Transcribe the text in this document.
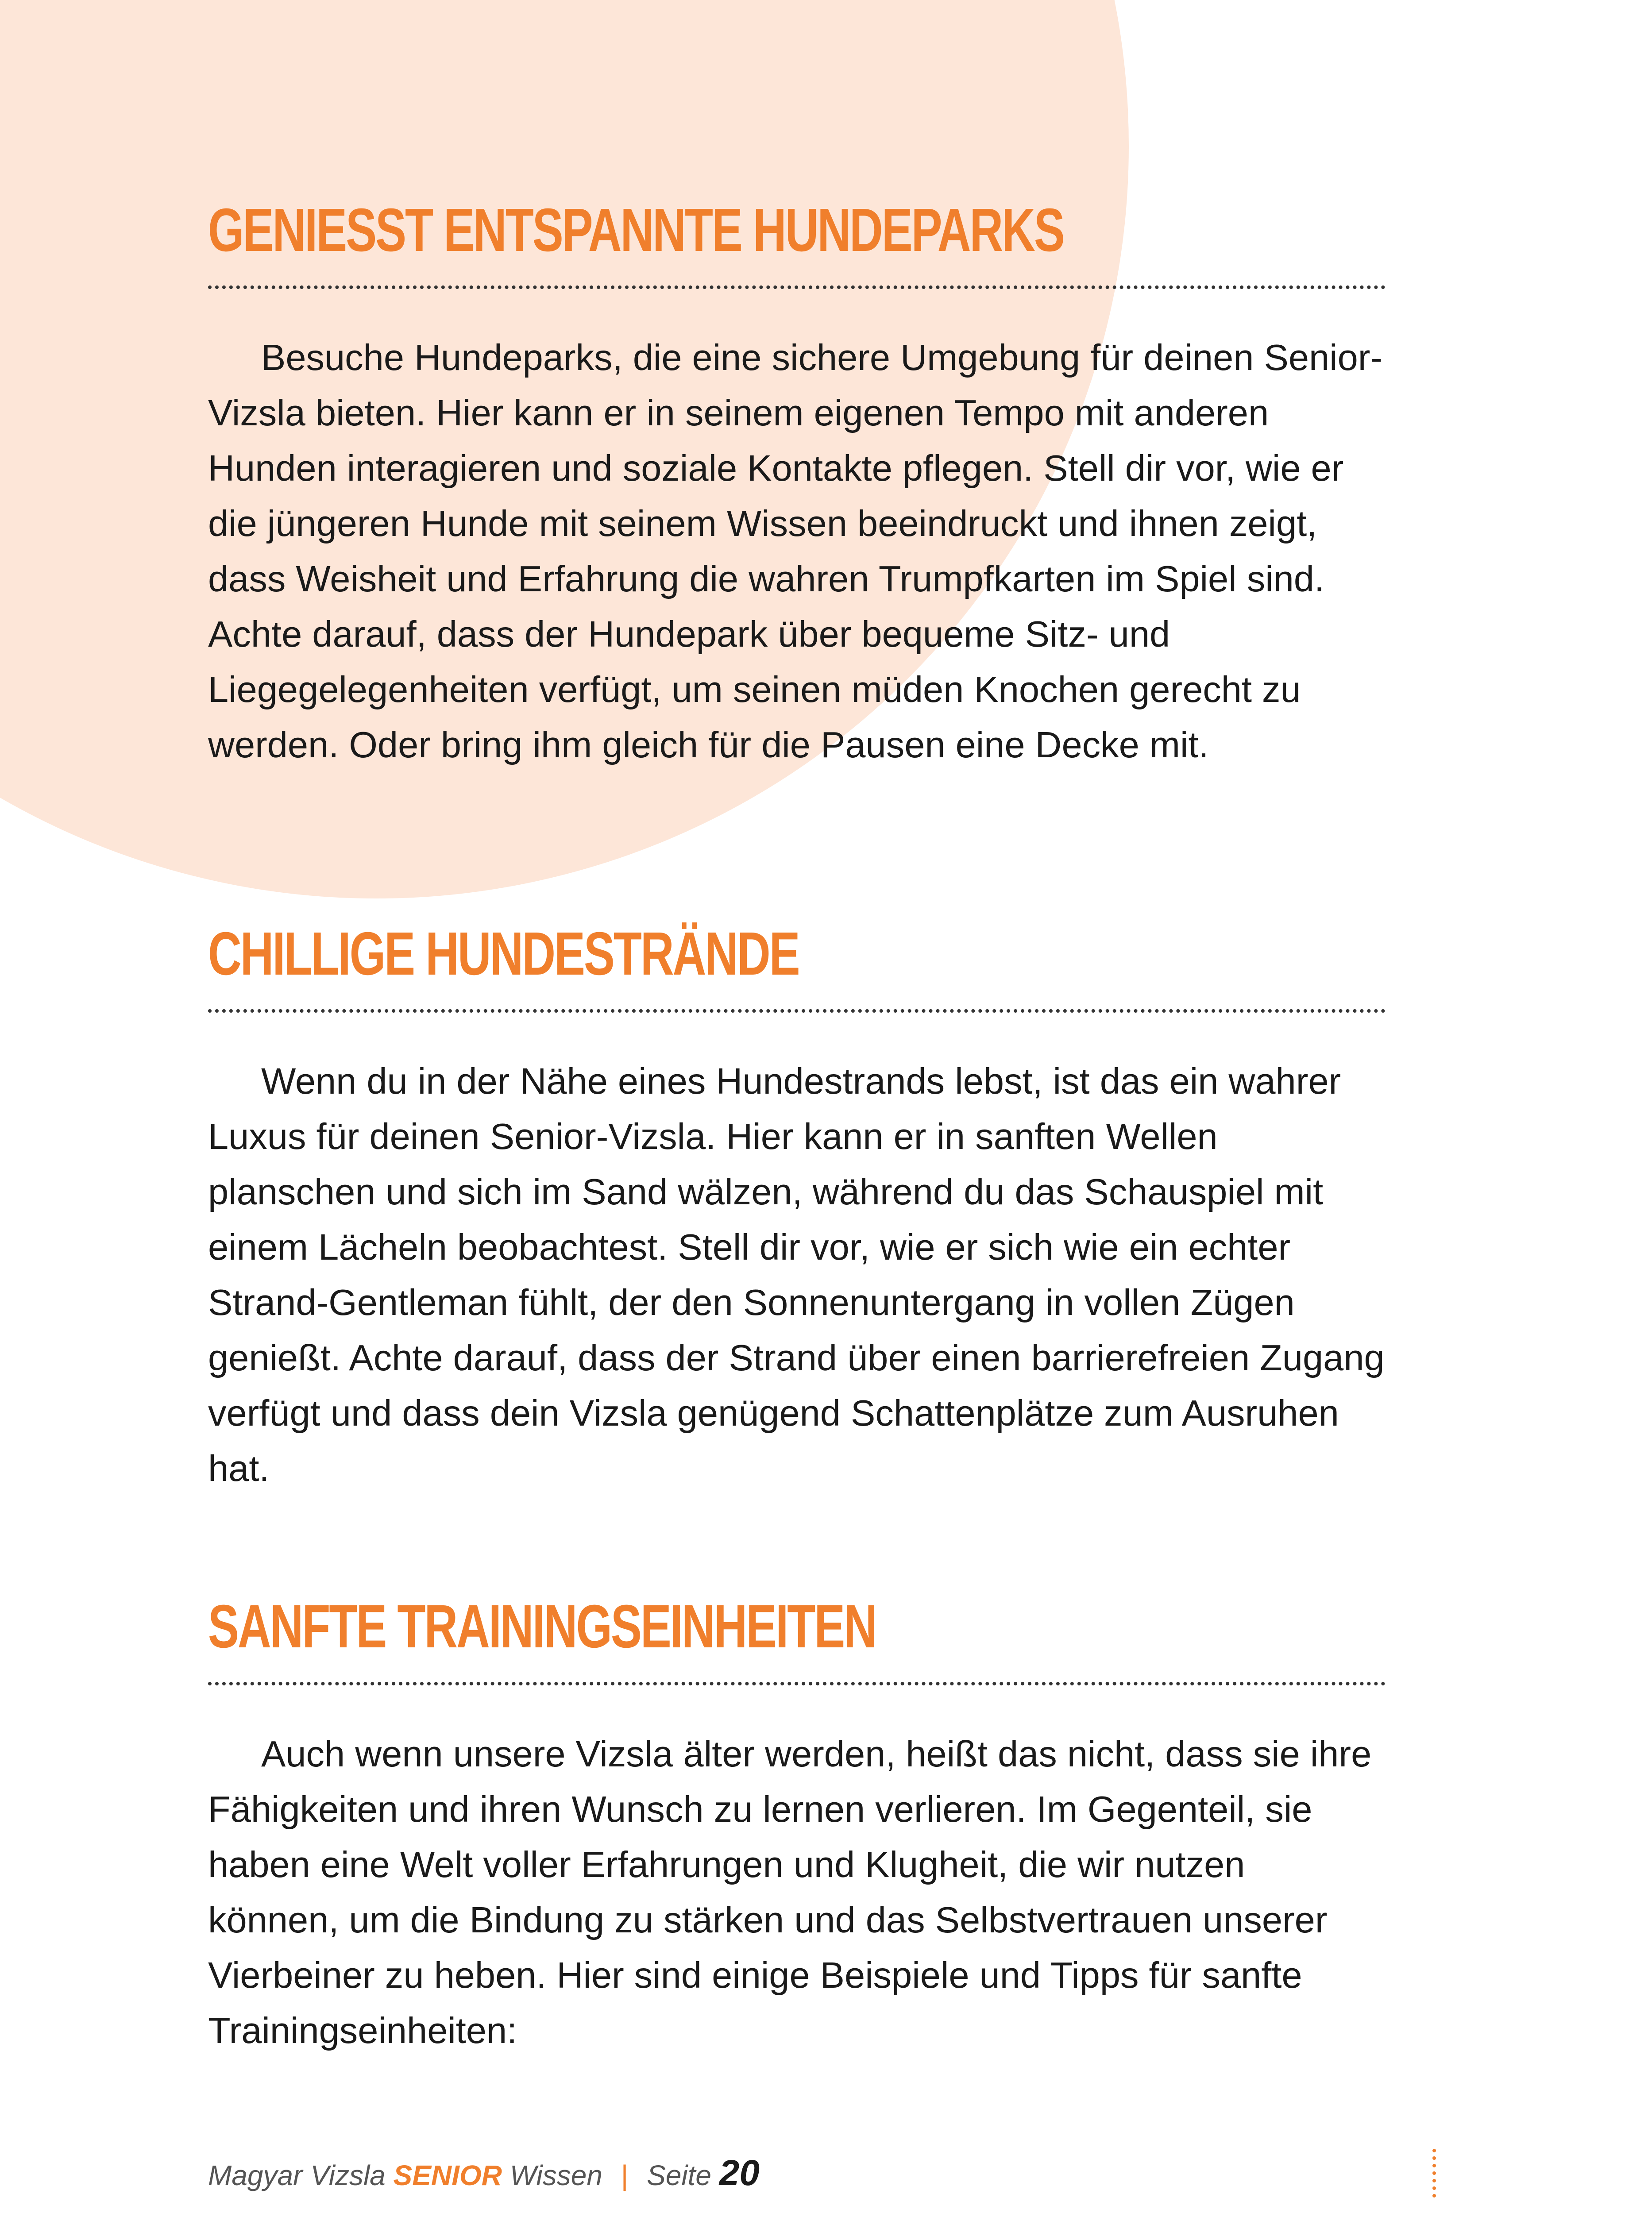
GENIESST ENTSPANNTE HUNDEPARKS

Besuche Hundeparks, die eine sichere Umgebung für deinen Senior-Vizsla bieten. Hier kann er in seinem eigenen Tempo mit anderen Hunden interagieren und soziale Kontakte pflegen. Stell dir vor, wie er die jüngeren Hunde mit seinem Wissen beeindruckt und ihnen zeigt, dass Weisheit und Erfahrung die wahren Trumpfkarten im Spiel sind. Achte darauf, dass der Hundepark über bequeme Sitz- und Liegegelegenheiten verfügt, um seinen müden Knochen gerecht zu werden. Oder bring ihm gleich für die Pausen eine Decke mit.

CHILLIGE HUNDESTRÄNDE

Wenn du in der Nähe eines Hundestrands lebst, ist das ein wahrer Luxus für deinen Senior-Vizsla. Hier kann er in sanften Wellen planschen und sich im Sand wälzen, während du das Schauspiel mit einem Lächeln beobachtest. Stell dir vor, wie er sich wie ein echter Strand-Gentleman fühlt, der den Sonnenuntergang in vollen Zügen genießt. Achte darauf, dass der Strand über einen barrierefreien Zugang verfügt und dass dein Vizsla genügend Schattenplätze zum Ausruhen hat.

SANFTE TRAININGSEINHEITEN

Auch wenn unsere Vizsla älter werden, heißt das nicht, dass sie ihre Fähigkeiten und ihren Wunsch zu lernen verlieren. Im Gegenteil, sie haben eine Welt voller Erfahrungen und Klugheit, die wir nutzen können, um die Bindung zu stärken und das Selbstvertrauen unserer Vierbeiner zu heben. Hier sind einige Beispiele und Tipps für sanfte Trainingseinheiten:

Magyar Vizsla SENIOR Wissen | Seite 20
